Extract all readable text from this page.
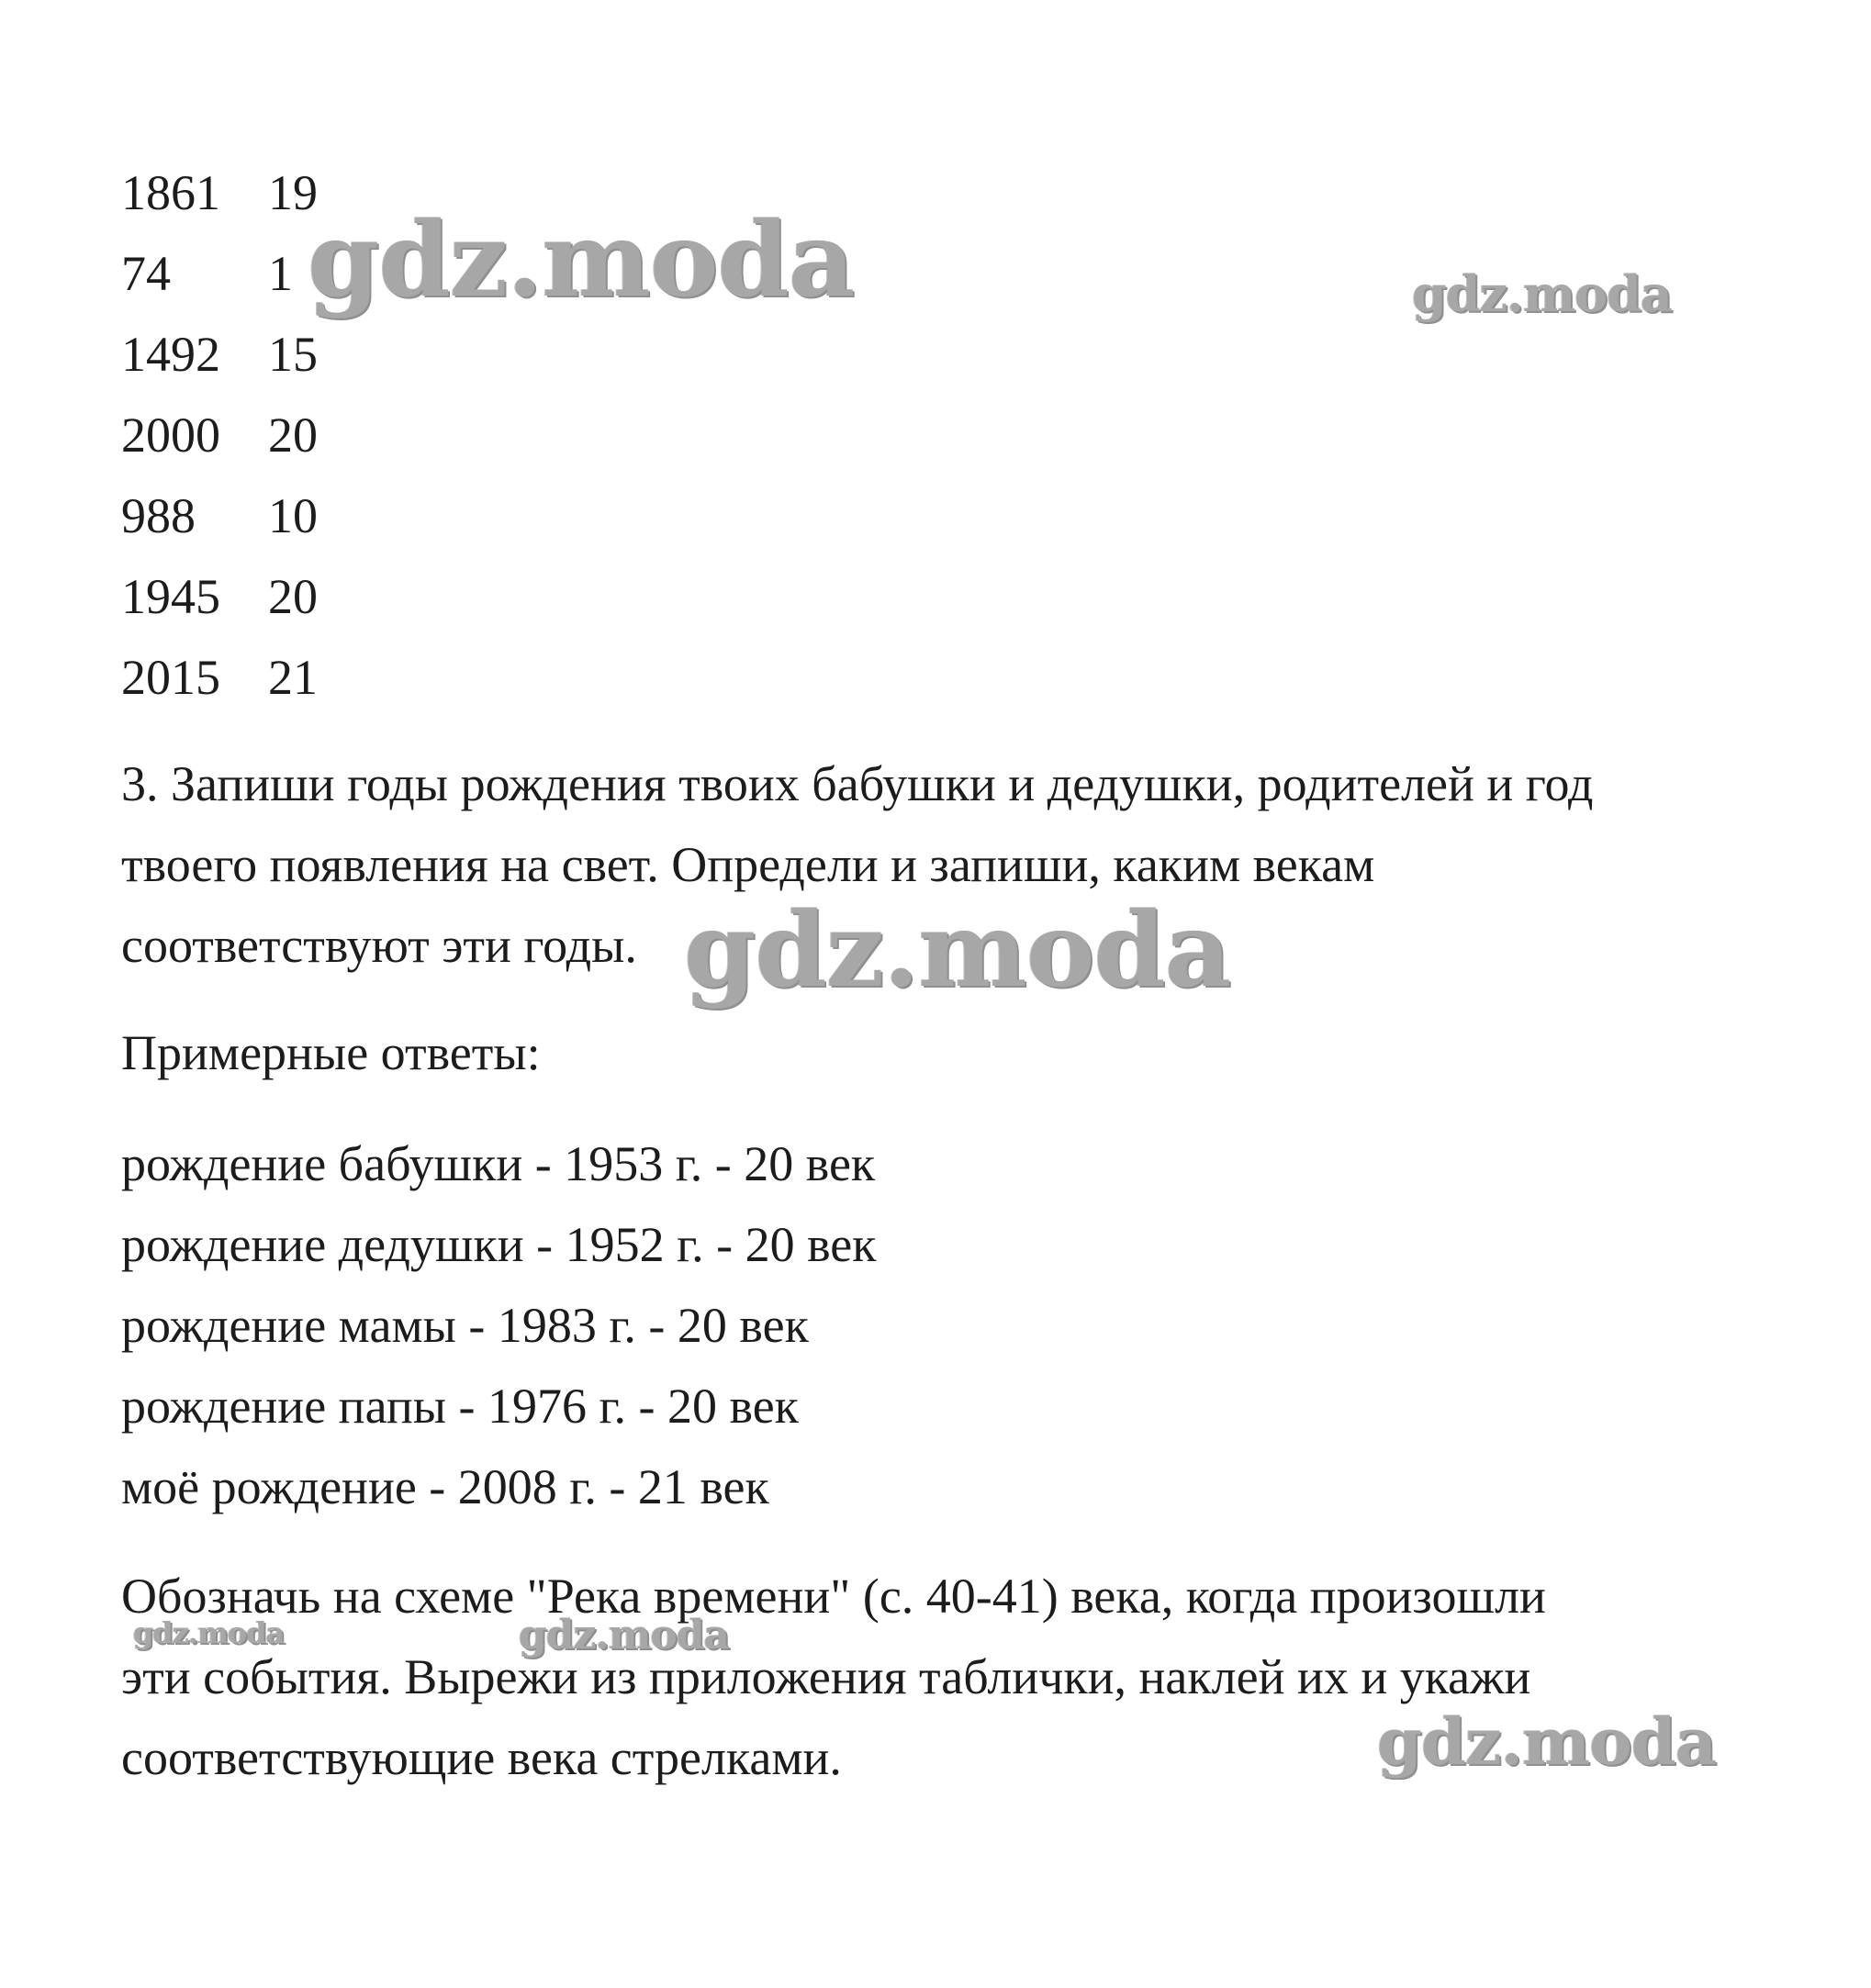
1861 19
74 1
1492 15
2000 20
988 10
1945 20
2015 21
3. Запиши годы рождения твоих бабушки и дедушки, родителей и год
твоего появления на свет. Определи и запиши, каким векам
соответствуют эти годы.
Примерные ответы:
рождение бабушки - 1953 г. - 20 век
рождение дедушки - 1952 г. - 20 век
рождение мамы - 1983 г. - 20 век
рождение папы - 1976 г. - 20 век
моё рождение - 2008 г. - 21 век
Обозначь на схеме "Река времени" (с. 40-41) века, когда произошли
эти события. Вырежи из приложения таблички, наклей их и укажи
соответствующие века стрелками.
gdz.moda	gdz.moda
gdz.moda
gdz.moda	gdz.moda
gdz.moda
